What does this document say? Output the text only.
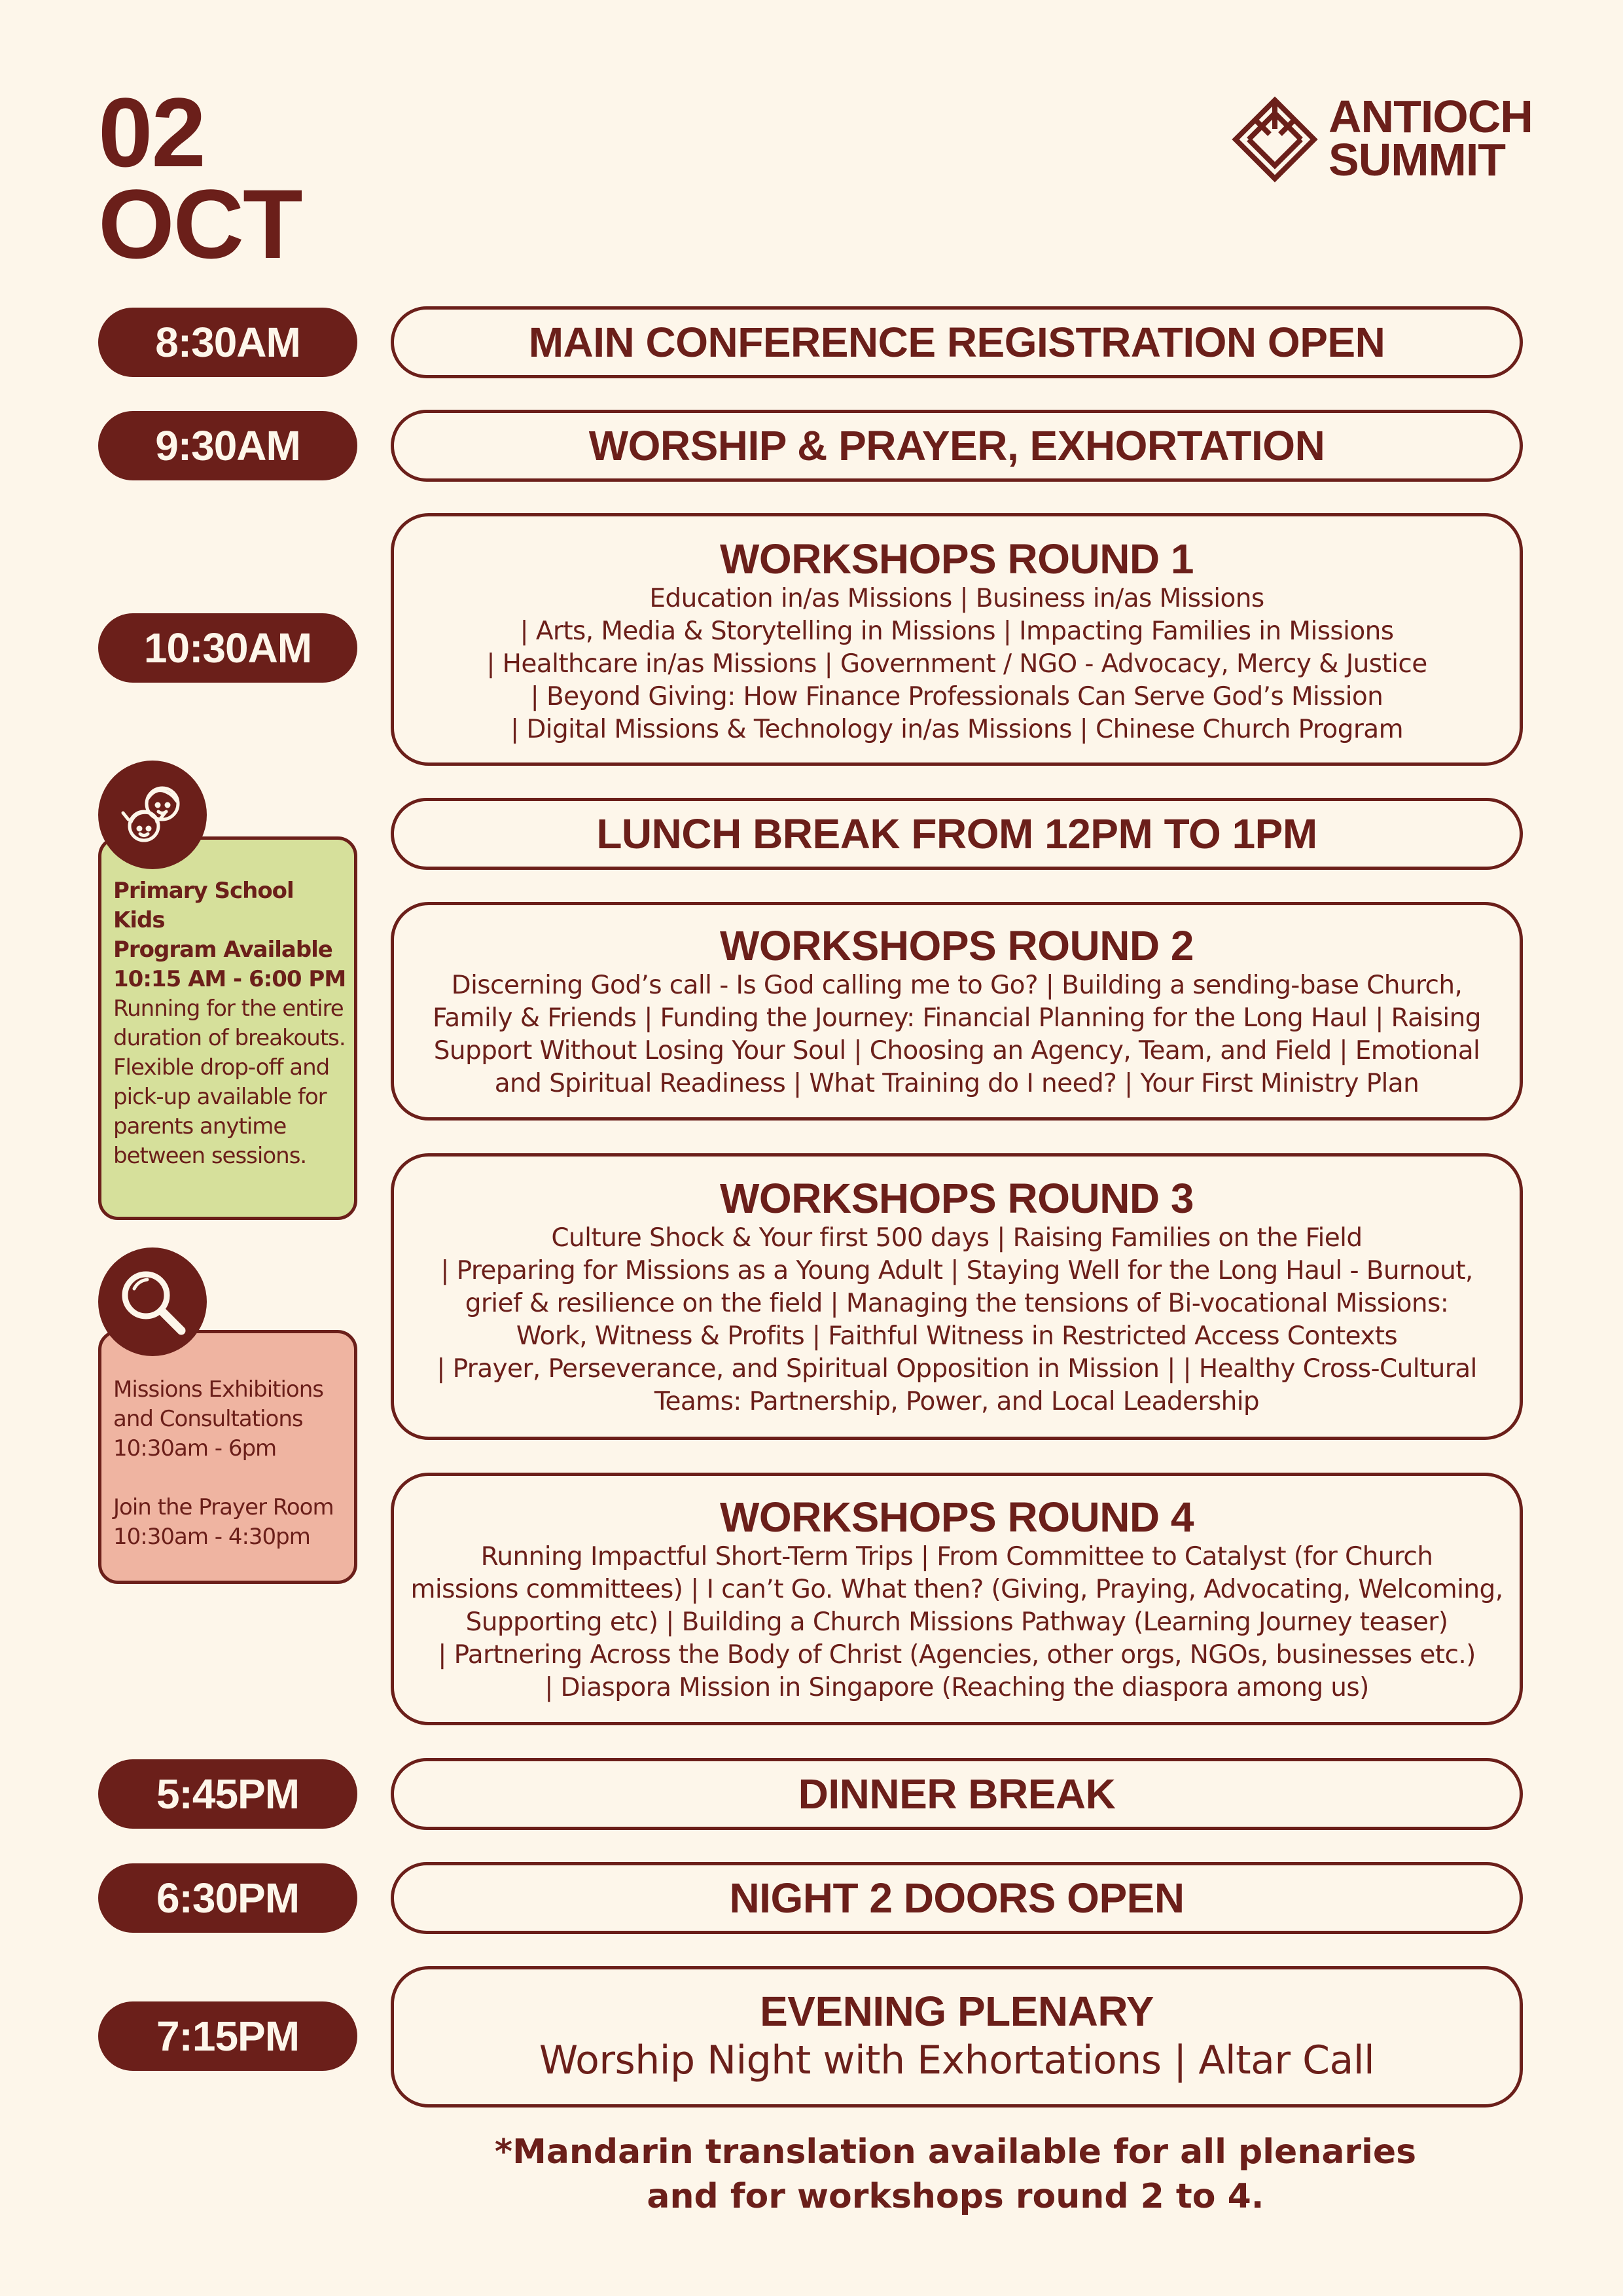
02
OCT
ANTIOCH
SUMMIT
8:30AM
9:30AM
10:30AM
5:45PM
6:30PM
7:15PM
MAIN CONFERENCE REGISTRATION OPEN
WORSHIP & PRAYER, EXHORTATION
WORKSHOPS ROUND 1
Education in/as Missions | Business in/as Missions
| Arts, Media & Storytelling in Missions | Impacting Families in Missions
| Healthcare in/as Missions | Government / NGO - Advocacy, Mercy & Justice
| Beyond Giving: How Finance Professionals Can Serve God’s Mission
| Digital Missions & Technology in/as Missions | Chinese Church Program
LUNCH BREAK FROM 12PM TO 1PM
WORKSHOPS ROUND 2
Discerning God’s call - Is God calling me to Go? | Building a sending-base Church,
Family & Friends | Funding the Journey: Financial Planning for the Long Haul | Raising
Support Without Losing Your Soul | Choosing an Agency, Team, and Field | Emotional
and Spiritual Readiness | What Training do I need? | Your First Ministry Plan
WORKSHOPS ROUND 3
Culture Shock & Your first 500 days | Raising Families on the Field
| Preparing for Missions as a Young Adult | Staying Well for the Long Haul - Burnout,
grief & resilience on the field | Managing the tensions of Bi-vocational Missions:
Work, Witness & Profits | Faithful Witness in Restricted Access Contexts
| Prayer, Perseverance, and Spiritual Opposition in Mission | | Healthy Cross-Cultural
Teams: Partnership, Power, and Local Leadership
WORKSHOPS ROUND 4
Running Impactful Short-Term Trips | From Committee to Catalyst (for Church
missions committees) | I can’t Go. What then? (Giving, Praying, Advocating, Welcoming,
Supporting etc) | Building a Church Missions Pathway (Learning Journey teaser)
| Partnering Across the Body of Christ (Agencies, other orgs, NGOs, businesses etc.)
| Diaspora Mission in Singapore (Reaching the diaspora among us)
DINNER BREAK
NIGHT 2 DOORS OPEN
EVENING PLENARY
Worship Night with Exhortations | Altar Call
Primary School Kids
Program Available
10:15 AM - 6:00 PM
Running for the entire duration of breakouts. Flexible drop-off and pick-up available for parents anytime between sessions.
Missions Exhibitions
and Consultations
10:30am - 6pm
Join the Prayer Room
10:30am - 4:30pm
*Mandarin translation available for all plenaries
and for workshops round 2 to 4.
